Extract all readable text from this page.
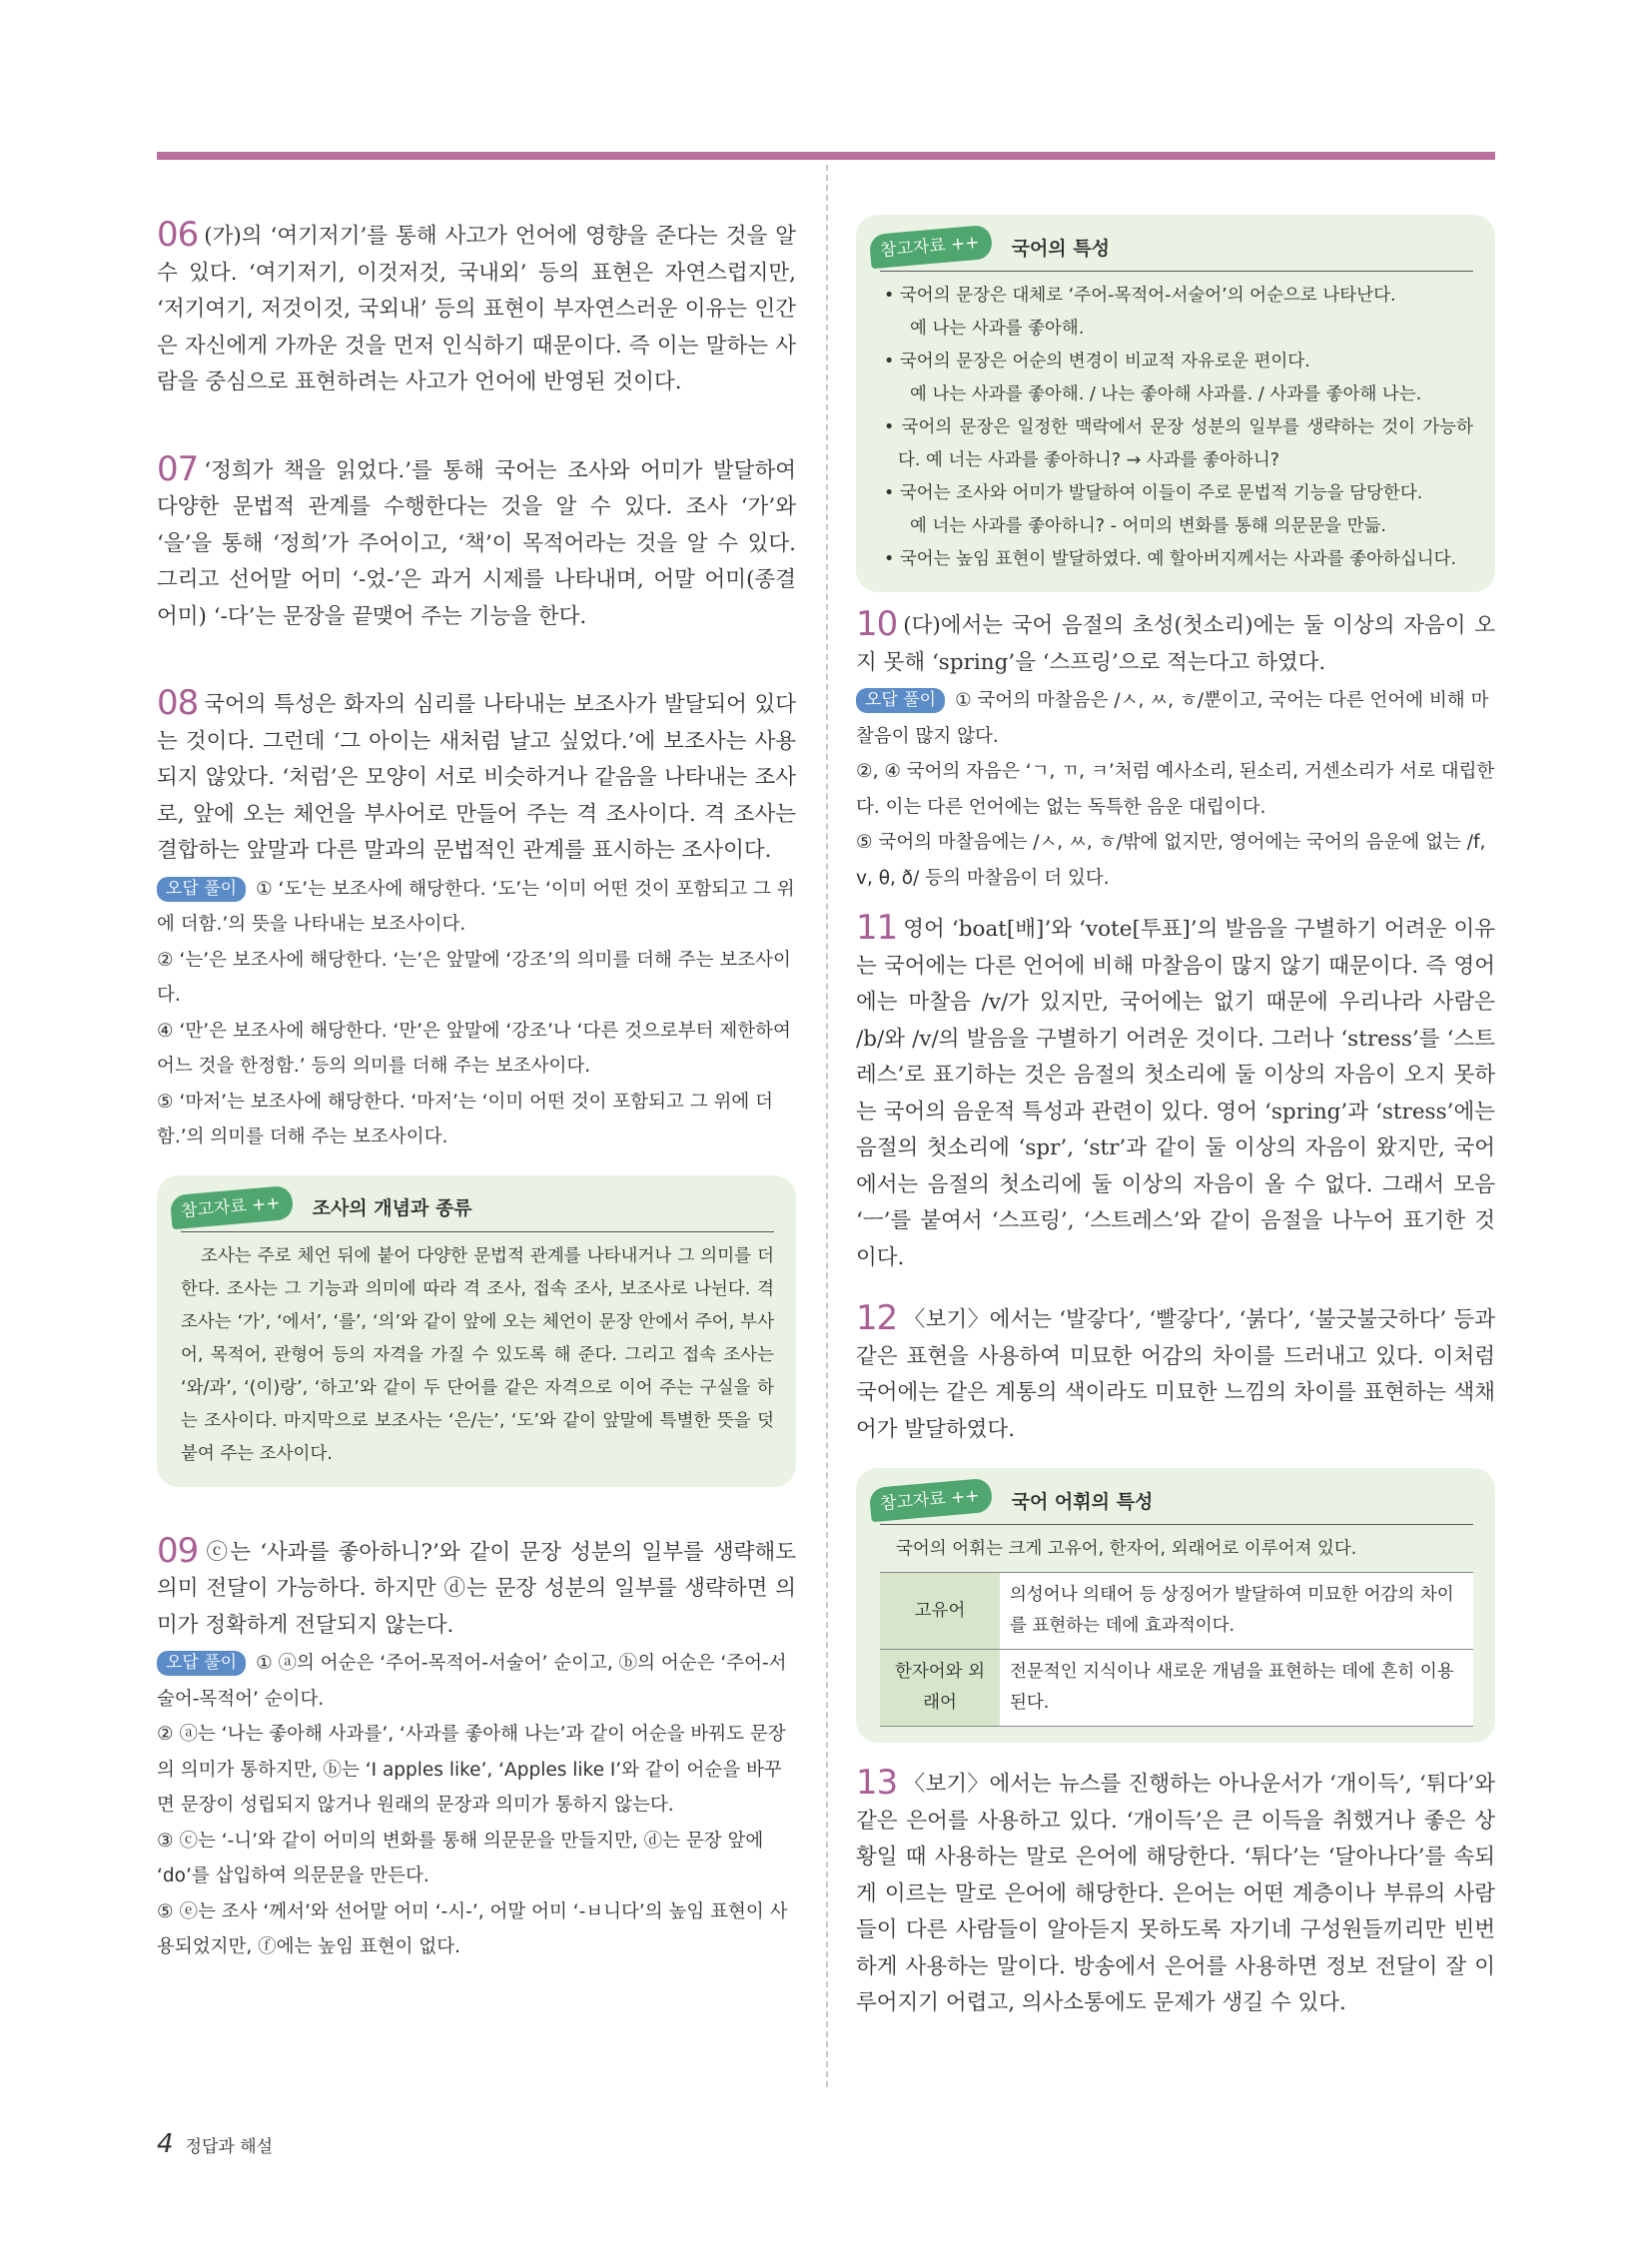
06 (가)의 ‘여기저기’를 통해 사고가 언어에 영향을 준다는 것을 알 수 있다. ‘여기저기, 이것저것, 국내외’ 등의 표현은 자연스럽지만, ‘저기여기, 저것이것, 국외내’ 등의 표현이 부자연스러운 이유는 인간은 자신에게 가까운 것을 먼저 인식하기 때문이다. 즉 이는 말하는 사람을 중심으로 표현하려는 사고가 언어에 반영된 것이다.
07 ‘정희가 책을 읽었다.’를 통해 국어는 조사와 어미가 발달하여 다양한 문법적 관계를 수행한다는 것을 알 수 있다. 조사 ‘가’와 ‘을’을 통해 ‘정희’가 주어이고, ‘책’이 목적어라는 것을 알 수 있다. 그리고 선어말 어미 ‘-었-’은 과거 시제를 나타내며, 어말 어미(종결 어미) ‘-다’는 문장을 끝맺어 주는 기능을 한다.
08 국어의 특성은 화자의 심리를 나타내는 보조사가 발달되어 있다는 것이다. 그런데 ‘그 아이는 새처럼 날고 싶었다.’에 보조사는 사용되지 않았다. ‘처럼’은 모양이 서로 비슷하거나 같음을 나타내는 조사로, 앞에 오는 체언을 부사어로 만들어 주는 격 조사이다. 격 조사는 결합하는 앞말과 다른 말과의 문법적인 관계를 표시하는 조사이다.
오답 풀이 ① ‘도’는 보조사에 해당한다. ‘도’는 ‘이미 어떤 것이 포함되고 그 위에 더함.’의 뜻을 나타내는 보조사이다.
② ‘는’은 보조사에 해당한다. ‘는’은 앞말에 ‘강조’의 의미를 더해 주는 보조사이다.
④ ‘만’은 보조사에 해당한다. ‘만’은 앞말에 ‘강조’나 ‘다른 것으로부터 제한하여 어느 것을 한정함.’ 등의 의미를 더해 주는 보조사이다.
⑤ ‘마저’는 보조사에 해당한다. ‘마저’는 ‘이미 어떤 것이 포함되고 그 위에 더함.’의 의미를 더해 주는 보조사이다.
참고자료 ++	조사의 개념과 종류
조사는 주로 체언 뒤에 붙어 다양한 문법적 관계를 나타내거나 그 의미를 더한다. 조사는 그 기능과 의미에 따라 격 조사, 접속 조사, 보조사로 나뉜다. 격 조사는 ‘가’, ‘에서’, ‘를’, ‘의’와 같이 앞에 오는 체언이 문장 안에서 주어, 부사어, 목적어, 관형어 등의 자격을 가질 수 있도록 해 준다. 그리고 접속 조사는 ‘와/과’, ‘(이)랑’, ‘하고’와 같이 두 단어를 같은 자격으로 이어 주는 구실을 하는 조사이다. 마지막으로 보조사는 ‘은/는’, ‘도’와 같이 앞말에 특별한 뜻을 덧붙여 주는 조사이다.
09 ⓒ는 ‘사과를 좋아하니?’와 같이 문장 성분의 일부를 생략해도 의미 전달이 가능하다. 하지만 ⓓ는 문장 성분의 일부를 생략하면 의미가 정확하게 전달되지 않는다.
오답 풀이 ① ⓐ의 어순은 ‘주어-목적어-서술어’ 순이고, ⓑ의 어순은 ‘주어-서술어-목적어’ 순이다.
② ⓐ는 ‘나는 좋아해 사과를’, ‘사과를 좋아해 나는’과 같이 어순을 바꿔도 문장의 의미가 통하지만, ⓑ는 ‘I apples like’, ‘Apples like I’와 같이 어순을 바꾸면 문장이 성립되지 않거나 원래의 문장과 의미가 통하지 않는다.
③ ⓒ는 ‘-니’와 같이 어미의 변화를 통해 의문문을 만들지만, ⓓ는 문장 앞에 ‘do’를 삽입하여 의문문을 만든다.
⑤ ⓔ는 조사 ‘께서’와 선어말 어미 ‘-시-’, 어말 어미 ‘-ㅂ니다’의 높임 표현이 사용되었지만, ⓕ에는 높임 표현이 없다.
참고자료 ++	국어의 특성
• 국어의 문장은 대체로 ‘주어-목적어-서술어’의 어순으로 나타난다.
예 나는 사과를 좋아해.
• 국어의 문장은 어순의 변경이 비교적 자유로운 편이다.
예 나는 사과를 좋아해. / 나는 좋아해 사과를. / 사과를 좋아해 나는.
• 국어의 문장은 일정한 맥락에서 문장 성분의 일부를 생략하는 것이 가능하다. 예 너는 사과를 좋아하니? → 사과를 좋아하니?
• 국어는 조사와 어미가 발달하여 이들이 주로 문법적 기능을 담당한다.
예 너는 사과를 좋아하니? - 어미의 변화를 통해 의문문을 만듦.
• 국어는 높임 표현이 발달하였다. 예 할아버지께서는 사과를 좋아하십니다.
10 (다)에서는 국어 음절의 초성(첫소리)에는 둘 이상의 자음이 오지 못해 ‘spring’을 ‘스프링’으로 적는다고 하였다.
오답 풀이 ① 국어의 마찰음은 /ㅅ, ㅆ, ㅎ/뿐이고, 국어는 다른 언어에 비해 마찰음이 많지 않다.
②, ④ 국어의 자음은 ‘ㄱ, ㄲ, ㅋ’처럼 예사소리, 된소리, 거센소리가 서로 대립한다. 이는 다른 언어에는 없는 독특한 음운 대립이다.
⑤ 국어의 마찰음에는 /ㅅ, ㅆ, ㅎ/밖에 없지만, 영어에는 국어의 음운에 없는 /f, v, θ, ð/ 등의 마찰음이 더 있다.
11 영어 ‘boat[배]’와 ‘vote[투표]’의 발음을 구별하기 어려운 이유는 국어에는 다른 언어에 비해 마찰음이 많지 않기 때문이다. 즉 영어에는 마찰음 /v/가 있지만, 국어에는 없기 때문에 우리나라 사람은 /b/와 /v/의 발음을 구별하기 어려운 것이다. 그러나 ‘stress’를 ‘스트레스’로 표기하는 것은 음절의 첫소리에 둘 이상의 자음이 오지 못하는 국어의 음운적 특성과 관련이 있다. 영어 ‘spring’과 ‘stress’에는 음절의 첫소리에 ‘spr’, ‘str’과 같이 둘 이상의 자음이 왔지만, 국어에서는 음절의 첫소리에 둘 이상의 자음이 올 수 없다. 그래서 모음 ‘ㅡ’를 붙여서 ‘스프링’, ‘스트레스’와 같이 음절을 나누어 표기한 것이다.
12 〈보기〉에서는 ‘발갛다’, ‘빨갛다’, ‘붉다’, ‘불긋불긋하다’ 등과 같은 표현을 사용하여 미묘한 어감의 차이를 드러내고 있다. 이처럼 국어에는 같은 계통의 색이라도 미묘한 느낌의 차이를 표현하는 색채어가 발달하였다.
참고자료 ++	국어 어휘의 특성
국어의 어휘는 크게 고유어, 한자어, 외래어로 이루어져 있다.
고유어	의성어나 의태어 등 상징어가 발달하여 미묘한 어감의 차이를 표현하는 데에 효과적이다.
한자어와 외래어	전문적인 지식이나 새로운 개념을 표현하는 데에 흔히 이용된다.
13 〈보기〉에서는 뉴스를 진행하는 아나운서가 ‘개이득’, ‘튀다’와 같은 은어를 사용하고 있다. ‘개이득’은 큰 이득을 취했거나 좋은 상황일 때 사용하는 말로 은어에 해당한다. ‘튀다’는 ‘달아나다’를 속되게 이르는 말로 은어에 해당한다. 은어는 어떤 계층이나 부류의 사람들이 다른 사람들이 알아듣지 못하도록 자기네 구성원들끼리만 빈번하게 사용하는 말이다. 방송에서 은어를 사용하면 정보 전달이 잘 이루어지기 어렵고, 의사소통에도 문제가 생길 수 있다.
4 정답과 해설
